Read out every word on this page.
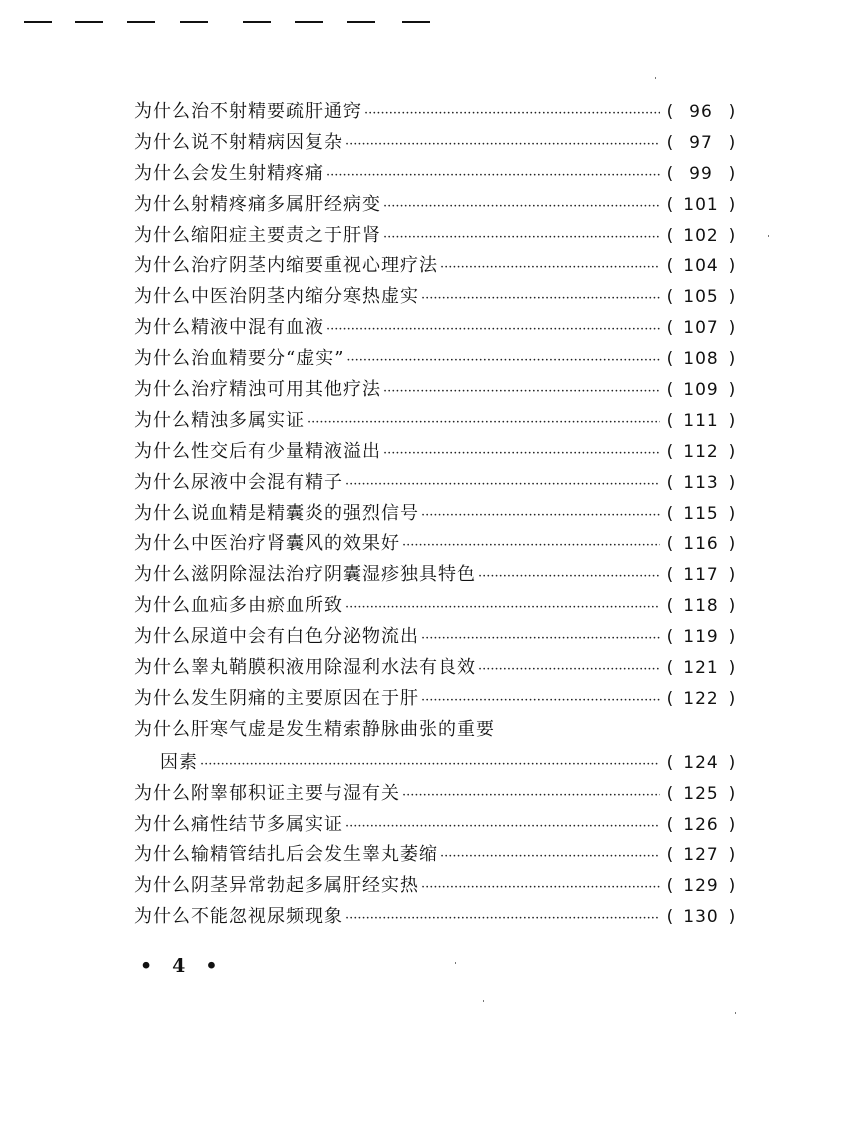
为什么治不射精要疏肝通窍 ·····	( 96 )
为什么说不射精病因复杂 ·····	( 97 )
为什么会发生射精疼痛 ·····	( 99 )
为什么射精疼痛多属肝经病变 ·····	( 101 )
为什么缩阳症主要责之于肝肾 ·····	( 102 )
为什么治疗阴茎内缩要重视心理疗法 ·····	( 104 )
为什么中医治阴茎内缩分寒热虚实 ·····	( 105 )
为什么精液中混有血液 ·····	( 107 )
为什么治血精要分“虚实” ·····	( 108 )
为什么治疗精浊可用其他疗法 ·····	( 109 )
为什么精浊多属实证 ·····	( 111 )
为什么性交后有少量精液溢出 ·····	( 112 )
为什么尿液中会混有精子 ·····	( 113 )
为什么说血精是精囊炎的强烈信号 ·····	( 115 )
为什么中医治疗肾囊风的效果好 ·····	( 116 )
为什么滋阴除湿法治疗阴囊湿疹独具特色 ·····	( 117 )
为什么血疝多由瘀血所致 ·····	( 118 )
为什么尿道中会有白色分泌物流出 ·····	( 119 )
为什么睾丸鞘膜积液用除湿利水法有良效 ·····	( 121 )
为什么发生阴痛的主要原因在于肝 ·····	( 122 )
为什么肝寒气虚是发生精索静脉曲张的重要
因素 ·····	( 124 )
为什么附睾郁积证主要与湿有关 ·····	( 125 )
为什么痛性结节多属实证 ·····	( 126 )
为什么输精管结扎后会发生睾丸萎缩 ·····	( 127 )
为什么阴茎异常勃起多属肝经实热 ·····	( 129 )
为什么不能忽视尿频现象 ·····	( 130 )
• 4 •
